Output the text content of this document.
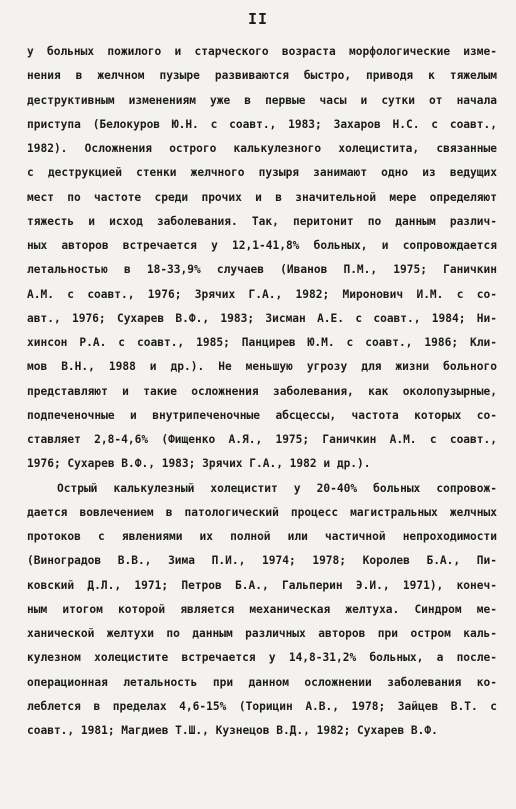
II
у больных пожилого и старческого возраста морфологические изме-
нения в желчном пузыре развиваются быстро, приводя к тяжелым
деструктивным изменениям уже в первые часы и сутки от начала
приступа (Белокуров Ю.Н. с соавт., 1983; Захаров Н.С. с соавт.,
1982). Осложнения острого калькулезного холецистита, связанные
с деструкцией стенки желчного пузыря занимают одно из ведущих
мест по частоте среди прочих и в значительной мере определяют
тяжесть и исход заболевания. Так, перитонит по данным различ-
ных авторов встречается у 12,1-41,8% больных, и сопровождается
летальностью в 18-33,9% случаев (Иванов П.М., 1975; Ганичкин
А.М. с соавт., 1976; Зрячих Г.А., 1982; Миронович И.М. с со-
авт., 1976; Сухарев В.Ф., 1983; Зисман А.Е. с соавт., 1984; Ни-
хинсон Р.А. с соавт., 1985; Панцирев Ю.М. с соавт., 1986; Кли-
мов В.Н., 1988 и др.). Не меньшую угрозу для жизни больного
представляют и такие осложнения заболевания, как околопузырные,
подпеченочные и внутрипеченочные абсцессы, частота которых со-
ставляет 2,8-4,6% (Фищенко А.Я., 1975; Ганичкин А.М. с соавт.,
1976; Сухарев В.Ф., 1983; Зрячих Г.А., 1982 и др.).
Острый калькулезный холецистит у 20-40% больных сопровож-
дается вовлечением в патологический процесс магистральных желчных
протоков с явлениями их полной или частичной непроходимости
(Виноградов В.В., Зима П.И., 1974; 1978; Королев Б.А., Пи-
ковский Д.Л., 1971; Петров Б.А., Гальперин Э.И., 1971), конеч-
ным итогом которой является механическая желтуха. Синдром ме-
ханической желтухи по данным различных авторов при остром каль-
кулезном холецистите встречается у 14,8-31,2% больных, а после-
операционная летальность при данном осложнении заболевания ко-
леблется в пределах 4,6-15% (Торицин А.В., 1978; Зайцев В.Т. с
соавт., 1981; Магдиев Т.Ш., Кузнецов В.Д., 1982; Сухарев В.Ф.
